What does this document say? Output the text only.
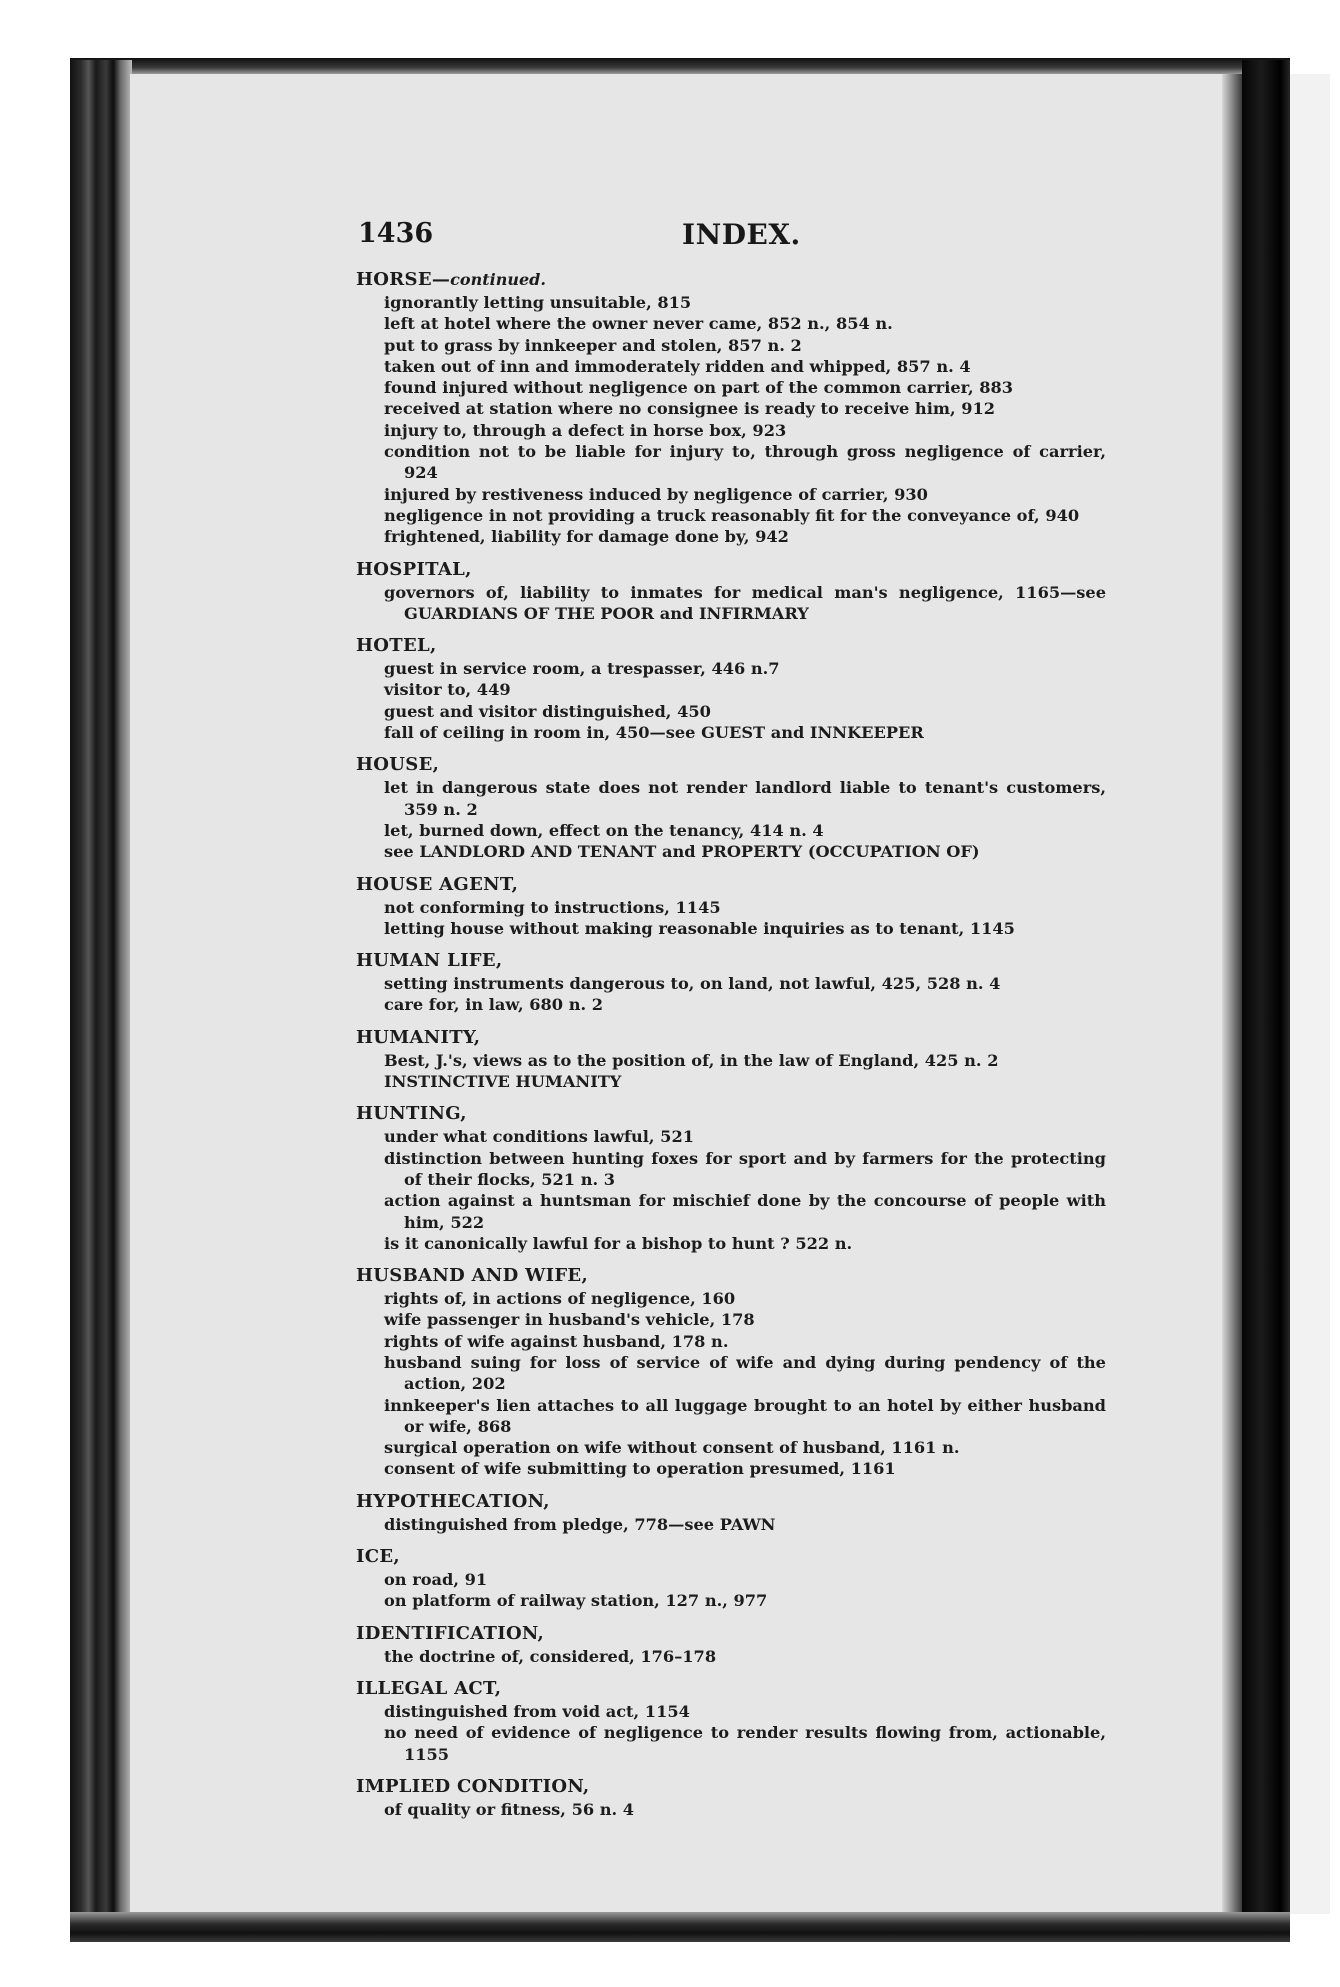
1436	INDEX.
HORSE—continued.
ignorantly letting unsuitable, 815
left at hotel where the owner never came, 852 n., 854 n.
put to grass by innkeeper and stolen, 857 n. 2
taken out of inn and immoderately ridden and whipped, 857 n. 4
found injured without negligence on part of the common carrier, 883
received at station where no consignee is ready to receive him, 912
injury to, through a defect in horse box, 923
condition not to be liable for injury to, through gross negligence of carrier, 924
injured by restiveness induced by negligence of carrier, 930
negligence in not providing a truck reasonably fit for the conveyance of, 940
frightened, liability for damage done by, 942
HOSPITAL,
governors of, liability to inmates for medical man's negligence, 1165—see GUARDIANS OF THE POOR and INFIRMARY
HOTEL,
guest in service room, a trespasser, 446 n.7
visitor to, 449
guest and visitor distinguished, 450
fall of ceiling in room in, 450—see GUEST and INNKEEPER
HOUSE,
let in dangerous state does not render landlord liable to tenant's customers, 359 n. 2
let, burned down, effect on the tenancy, 414 n. 4
see LANDLORD AND TENANT and PROPERTY (OCCUPATION OF)
HOUSE AGENT,
not conforming to instructions, 1145
letting house without making reasonable inquiries as to tenant, 1145
HUMAN LIFE,
setting instruments dangerous to, on land, not lawful, 425, 528 n. 4
care for, in law, 680 n. 2
HUMANITY,
Best, J.'s, views as to the position of, in the law of England, 425 n. 2
INSTINCTIVE HUMANITY
HUNTING,
under what conditions lawful, 521
distinction between hunting foxes for sport and by farmers for the protecting of their flocks, 521 n. 3
action against a huntsman for mischief done by the concourse of people with him, 522
is it canonically lawful for a bishop to hunt ? 522 n.
HUSBAND AND WIFE,
rights of, in actions of negligence, 160
wife passenger in husband's vehicle, 178
rights of wife against husband, 178 n.
husband suing for loss of service of wife and dying during pendency of the action, 202
innkeeper's lien attaches to all luggage brought to an hotel by either husband or wife, 868
surgical operation on wife without consent of husband, 1161 n.
consent of wife submitting to operation presumed, 1161
HYPOTHECATION,
distinguished from pledge, 778—see PAWN
ICE,
on road, 91
on platform of railway station, 127 n., 977
IDENTIFICATION,
the doctrine of, considered, 176–178
ILLEGAL ACT,
distinguished from void act, 1154
no need of evidence of negligence to render results flowing from, actionable, 1155
IMPLIED CONDITION,
of quality or fitness, 56 n. 4
